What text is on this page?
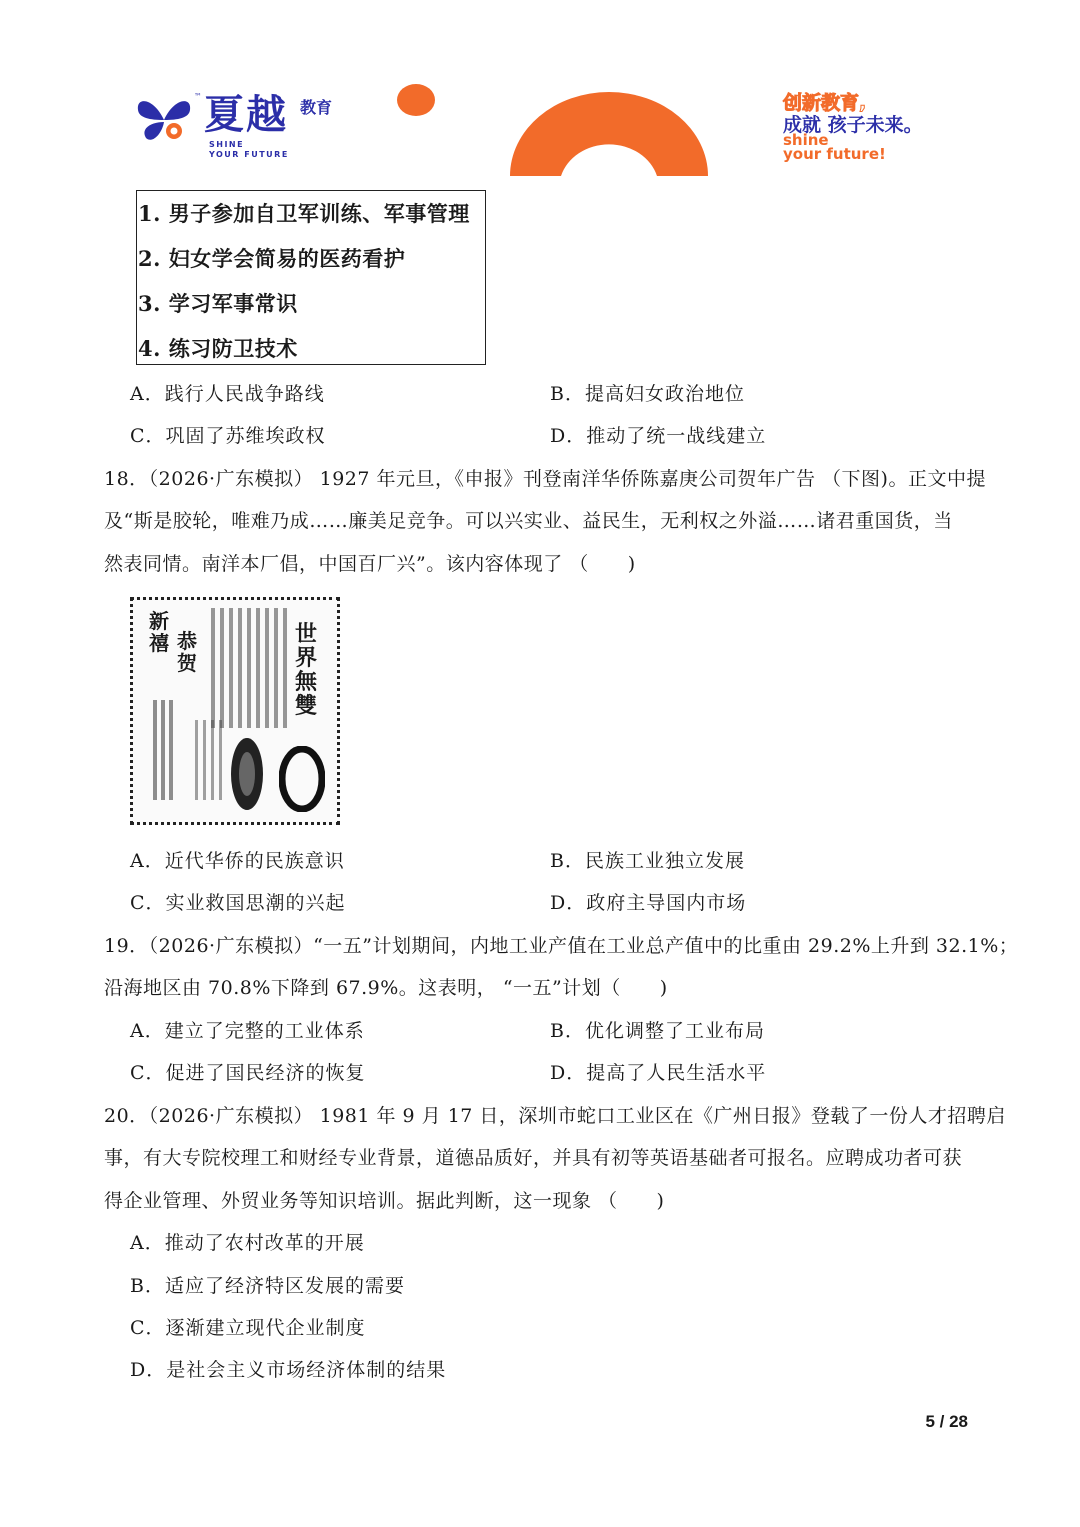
夏越
™
教育
SHINE
YOUR FUTURE
创新教育,
成就 孩子未来。
shine
your future!
1. 男子参加自卫军训练、军事管理
2. 妇女学会简易的医药看护
3. 学习军事常识
4. 练习防卫技术
A．践行人民战争路线	B．提高妇女政治地位
C．巩固了苏维埃政权	D．推动了统一战线建立
18．（2026·广东模拟） 1927 年元旦，《申报》刊登南洋华侨陈嘉庚公司贺年广告 （下图)。正文中提
及“斯是胶轮，唯难乃成……廉美足竞争。可以兴实业、益民生，无利权之外溢……诸君重国货，当
然表同情。南洋本厂倡，中国百厂兴”。该内容体现了 （　　)
新禧 恭贺
世界無雙
A．近代华侨的民族意识	B．民族工业独立发展
C．实业救国思潮的兴起	D．政府主导国内市场
19．（2026·广东模拟）“一五”计划期间，内地工业产值在工业总产值中的比重由 29.2%上升到 32.1%；
沿海地区由 70.8%下降到 67.9%。这表明， “一五”计划（　　)
A．建立了完整的工业体系	B．优化调整了工业布局
C．促进了国民经济的恢复	D．提高了人民生活水平
20．（2026·广东模拟） 1981 年 9 月 17 日，深圳市蛇口工业区在《广州日报》登载了一份人才招聘启
事，有大专院校理工和财经专业背景，道德品质好，并具有初等英语基础者可报名。应聘成功者可获
得企业管理、外贸业务等知识培训。据此判断，这一现象 （　　)
A．推动了农村改革的开展
B．适应了经济特区发展的需要
C．逐渐建立现代企业制度
D．是社会主义市场经济体制的结果
5 / 28
